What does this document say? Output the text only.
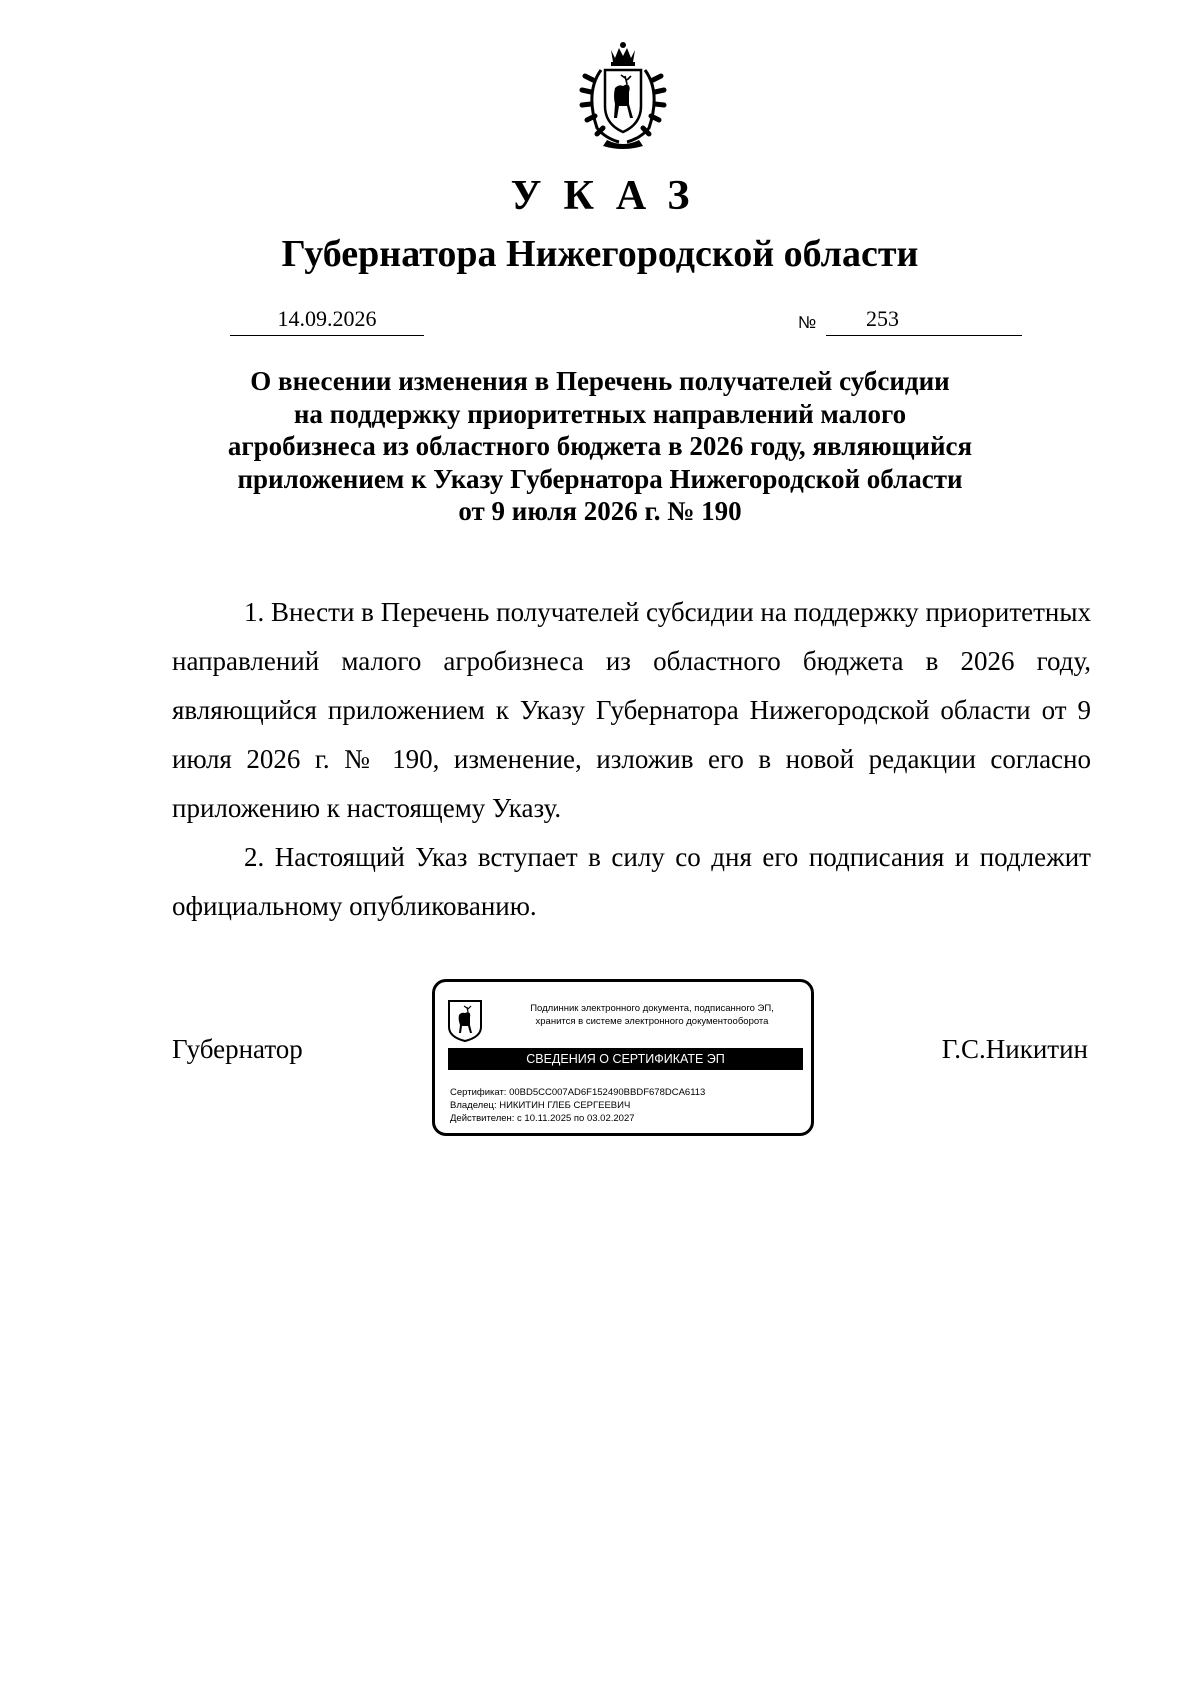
УКАЗ
Губернатора Нижегородской области
14.09.2026	№	253
О внесении изменения в Перечень получателей субсидии
на поддержку приоритетных направлений малого
агробизнеса из областного бюджета в 2026 году, являющийся
приложением к Указу Губернатора Нижегородской области
от 9 июля 2026 г. № 190

1. Внести в Перечень получателей субсидии на поддержку приоритетных направлений малого агробизнеса из областного бюджета в 2026 году, являющийся приложением к Указу Губернатора Нижегородской области от 9 июля 2026 г. № 190, изменение, изложив его в новой редакции согласно приложению к настоящему Указу.

2. Настоящий Указ вступает в силу со дня его подписания и подлежит официальному опубликованию.

Губернатор
Подлинник электронного документа, подписанного ЭП,
хранится в системе электронного документооборота
СВЕДЕНИЯ О СЕРТИФИКАТЕ ЭП
Сертификат: 00BD5CC007AD6F152490BBDF678DCA6113
Владелец: НИКИТИН ГЛЕБ СЕРГЕЕВИЧ
Действителен: с 10.11.2025 по 03.02.2027
Г.С.Никитин
